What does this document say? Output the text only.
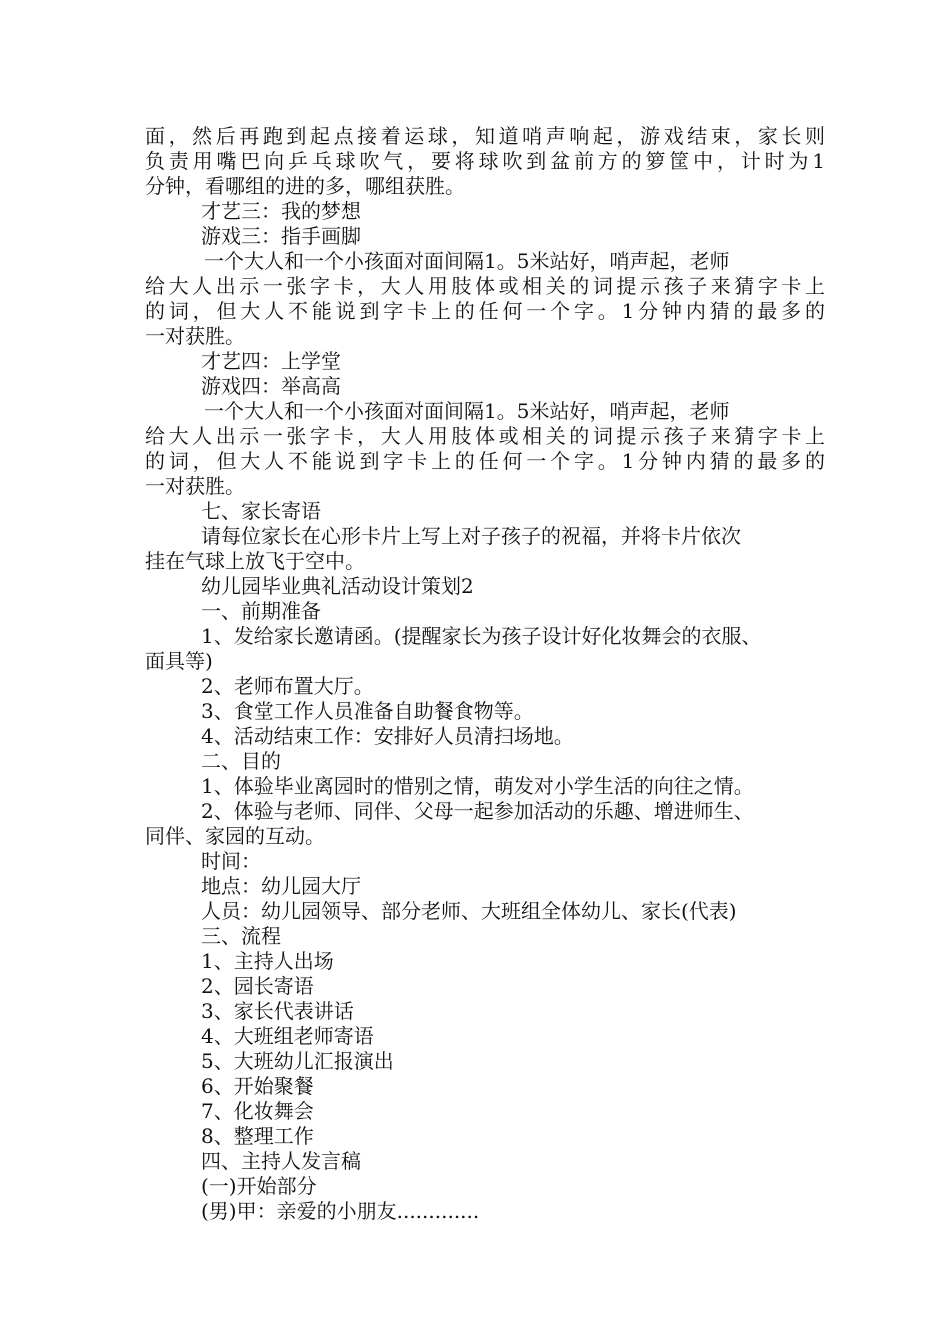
面，然后再跑到起点接着运球，知道哨声响起，游戏结束，家长则
负责用嘴巴向乒乓球吹气，要将球吹到盆前方的箩筐中，计时为1
分钟，看哪组的进的多，哪组获胜。
才艺三：我的梦想
游戏三：指手画脚
一个大人和一个小孩面对面间隔1。5米站好，哨声起，老师
给大人出示一张字卡，大人用肢体或相关的词提示孩子来猜字卡上
的词，但大人不能说到字卡上的任何一个字。1分钟内猜的最多的
一对获胜。
才艺四：上学堂
游戏四：举高高
一个大人和一个小孩面对面间隔1。5米站好，哨声起，老师
给大人出示一张字卡，大人用肢体或相关的词提示孩子来猜字卡上
的词，但大人不能说到字卡上的任何一个字。1分钟内猜的最多的
一对获胜。
七、家长寄语
请每位家长在心形卡片上写上对子孩子的祝福，并将卡片依次
挂在气球上放飞于空中。
幼儿园毕业典礼活动设计策划2
一、前期准备
1、发给家长邀请函。(提醒家长为孩子设计好化妆舞会的衣服、
面具等)
2、老师布置大厅。
3、食堂工作人员准备自助餐食物等。
4、活动结束工作：安排好人员清扫场地。
二、目的
1、体验毕业离园时的惜别之情，萌发对小学生活的向往之情。
2、体验与老师、同伴、父母一起参加活动的乐趣、增进师生、
同伴、家园的互动。
时间：
地点：幼儿园大厅
人员：幼儿园领导、部分老师、大班组全体幼儿、家长(代表)
三、流程
1、主持人出场
2、园长寄语
3、家长代表讲话
4、大班组老师寄语
5、大班幼儿汇报演出
6、开始聚餐
7、化妆舞会
8、整理工作
四、主持人发言稿
(一)开始部分
(男)甲：亲爱的小朋友.............
